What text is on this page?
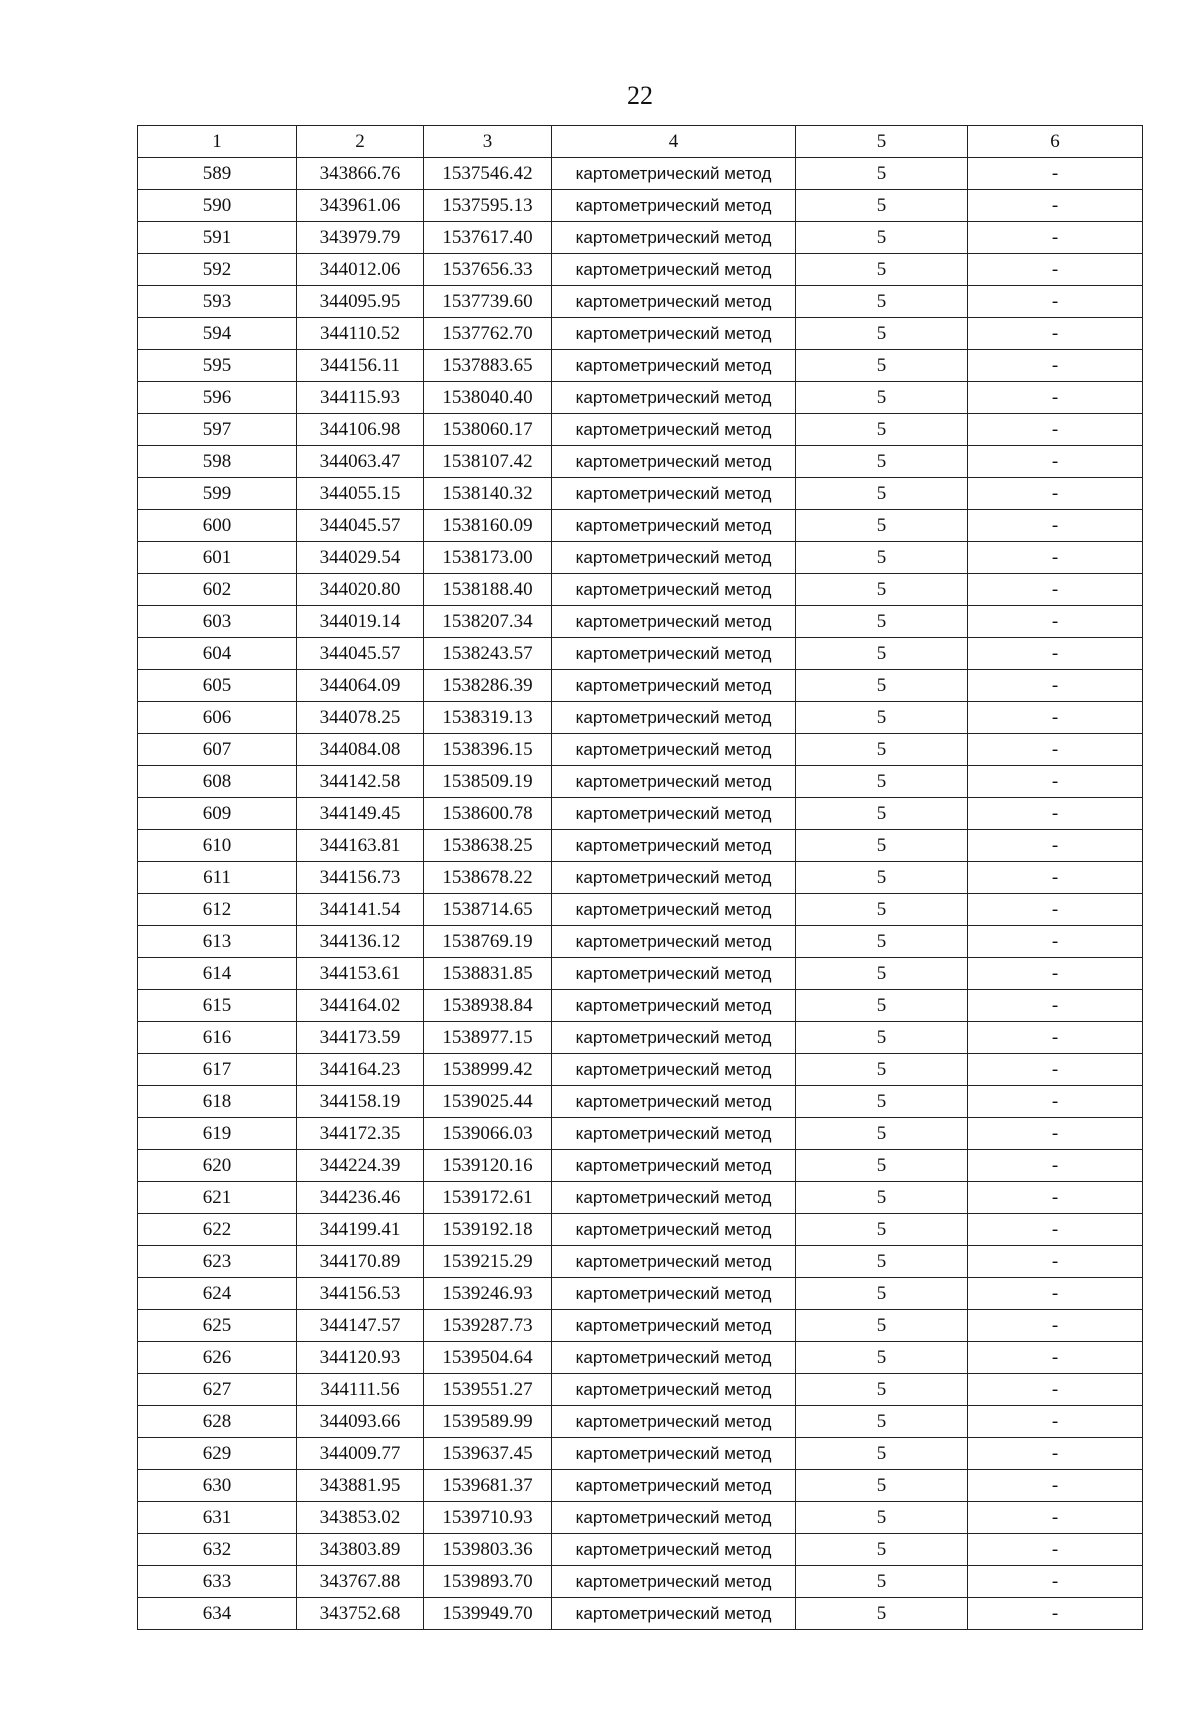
22
1	2	3	4	5	6
589	343866.76	1537546.42	картометрический метод	5	-
590	343961.06	1537595.13	картометрический метод	5	-
591	343979.79	1537617.40	картометрический метод	5	-
592	344012.06	1537656.33	картометрический метод	5	-
593	344095.95	1537739.60	картометрический метод	5	-
594	344110.52	1537762.70	картометрический метод	5	-
595	344156.11	1537883.65	картометрический метод	5	-
596	344115.93	1538040.40	картометрический метод	5	-
597	344106.98	1538060.17	картометрический метод	5	-
598	344063.47	1538107.42	картометрический метод	5	-
599	344055.15	1538140.32	картометрический метод	5	-
600	344045.57	1538160.09	картометрический метод	5	-
601	344029.54	1538173.00	картометрический метод	5	-
602	344020.80	1538188.40	картометрический метод	5	-
603	344019.14	1538207.34	картометрический метод	5	-
604	344045.57	1538243.57	картометрический метод	5	-
605	344064.09	1538286.39	картометрический метод	5	-
606	344078.25	1538319.13	картометрический метод	5	-
607	344084.08	1538396.15	картометрический метод	5	-
608	344142.58	1538509.19	картометрический метод	5	-
609	344149.45	1538600.78	картометрический метод	5	-
610	344163.81	1538638.25	картометрический метод	5	-
611	344156.73	1538678.22	картометрический метод	5	-
612	344141.54	1538714.65	картометрический метод	5	-
613	344136.12	1538769.19	картометрический метод	5	-
614	344153.61	1538831.85	картометрический метод	5	-
615	344164.02	1538938.84	картометрический метод	5	-
616	344173.59	1538977.15	картометрический метод	5	-
617	344164.23	1538999.42	картометрический метод	5	-
618	344158.19	1539025.44	картометрический метод	5	-
619	344172.35	1539066.03	картометрический метод	5	-
620	344224.39	1539120.16	картометрический метод	5	-
621	344236.46	1539172.61	картометрический метод	5	-
622	344199.41	1539192.18	картометрический метод	5	-
623	344170.89	1539215.29	картометрический метод	5	-
624	344156.53	1539246.93	картометрический метод	5	-
625	344147.57	1539287.73	картометрический метод	5	-
626	344120.93	1539504.64	картометрический метод	5	-
627	344111.56	1539551.27	картометрический метод	5	-
628	344093.66	1539589.99	картометрический метод	5	-
629	344009.77	1539637.45	картометрический метод	5	-
630	343881.95	1539681.37	картометрический метод	5	-
631	343853.02	1539710.93	картометрический метод	5	-
632	343803.89	1539803.36	картометрический метод	5	-
633	343767.88	1539893.70	картометрический метод	5	-
634	343752.68	1539949.70	картометрический метод	5	-
